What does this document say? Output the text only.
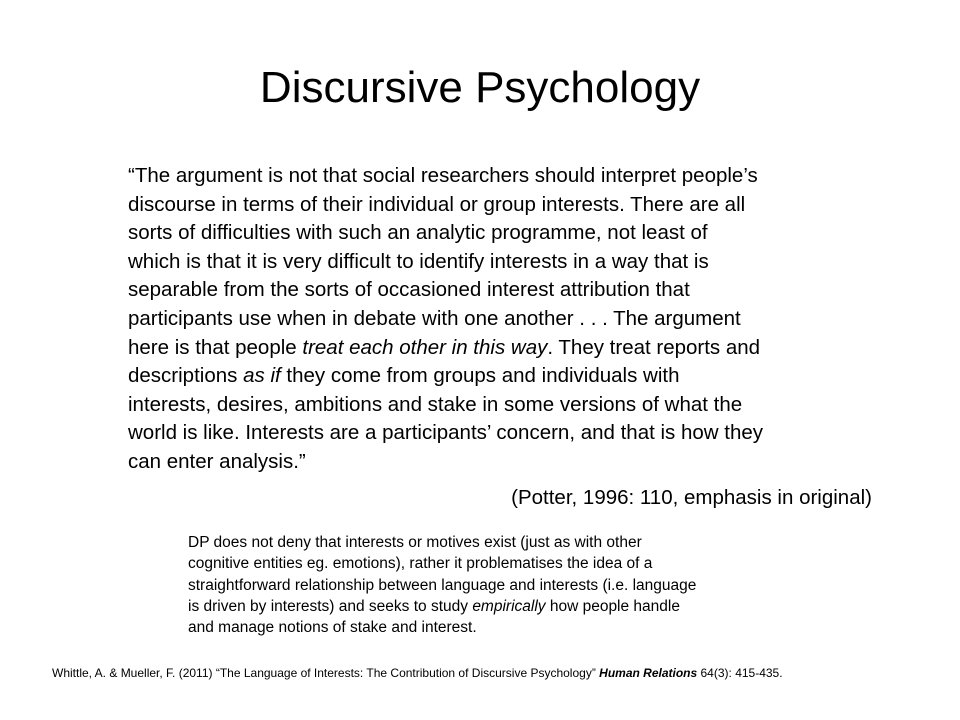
Discursive Psychology
“The argument is not that social researchers should interpret people’s
discourse in terms of their individual or group interests. There are all
sorts of difficulties with such an analytic programme, not least of
which is that it is very difficult to identify interests in a way that is
separable from the sorts of occasioned interest attribution that
participants use when in debate with one another . . . The argument
here is that people treat each other in this way. They treat reports and
descriptions as if they come from groups and individuals with
interests, desires, ambitions and stake in some versions of what the
world is like. Interests are a participants’ concern, and that is how they
can enter analysis.”
(Potter, 1996: 110, emphasis in original)
DP does not deny that interests or motives exist (just as with other
cognitive entities eg. emotions), rather it problematises the idea of a
straightforward relationship between language and interests (i.e. language
is driven by interests) and seeks to study empirically how people handle
and manage notions of stake and interest.
Whittle, A. & Mueller, F. (2011) “The Language of Interests: The Contribution of Discursive Psychology” Human Relations 64(3): 415-435.
